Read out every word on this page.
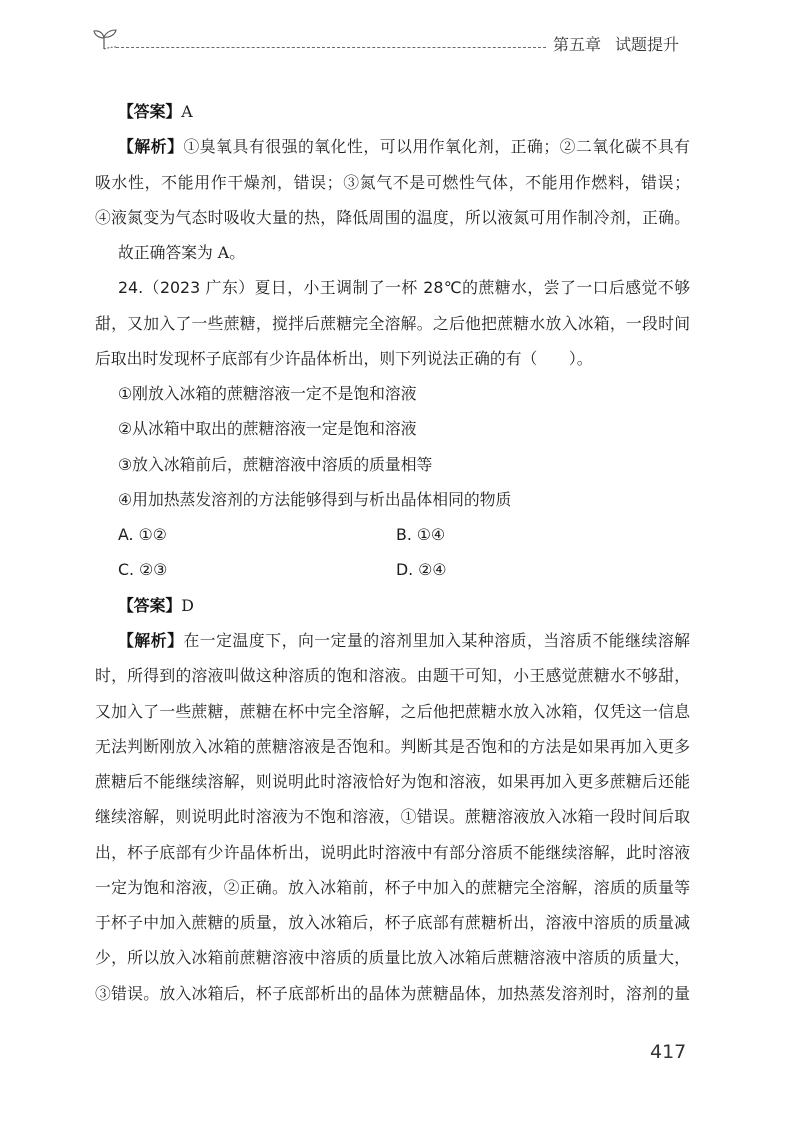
第五章 试题提升
【答案】A
【解析】①臭氧具有很强的氧化性，可以用作氧化剂，正确；②二氧化碳不具有
吸水性，不能用作干燥剂，错误；③氮气不是可燃性气体，不能用作燃料，错误；
④液氮变为气态时吸收大量的热，降低周围的温度，所以液氮可用作制冷剂，正确。
故正确答案为 A。
24.（2023 广东）夏日，小王调制了一杯 28℃的蔗糖水，尝了一口后感觉不够
甜，又加入了一些蔗糖，搅拌后蔗糖完全溶解。之后他把蔗糖水放入冰箱，一段时间
后取出时发现杯子底部有少许晶体析出，则下列说法正确的有（　　）。
①刚放入冰箱的蔗糖溶液一定不是饱和溶液
②从冰箱中取出的蔗糖溶液一定是饱和溶液
③放入冰箱前后，蔗糖溶液中溶质的质量相等
④用加热蒸发溶剂的方法能够得到与析出晶体相同的物质
A. ①②	B. ①④
C. ②③	D. ②④
【答案】D
【解析】在一定温度下，向一定量的溶剂里加入某种溶质，当溶质不能继续溶解
时，所得到的溶液叫做这种溶质的饱和溶液。由题干可知，小王感觉蔗糖水不够甜，
又加入了一些蔗糖，蔗糖在杯中完全溶解，之后他把蔗糖水放入冰箱，仅凭这一信息
无法判断刚放入冰箱的蔗糖溶液是否饱和。判断其是否饱和的方法是如果再加入更多
蔗糖后不能继续溶解，则说明此时溶液恰好为饱和溶液，如果再加入更多蔗糖后还能
继续溶解，则说明此时溶液为不饱和溶液，①错误。蔗糖溶液放入冰箱一段时间后取
出，杯子底部有少许晶体析出，说明此时溶液中有部分溶质不能继续溶解，此时溶液
一定为饱和溶液，②正确。放入冰箱前，杯子中加入的蔗糖完全溶解，溶质的质量等
于杯子中加入蔗糖的质量，放入冰箱后，杯子底部有蔗糖析出，溶液中溶质的质量减
少，所以放入冰箱前蔗糖溶液中溶质的质量比放入冰箱后蔗糖溶液中溶质的质量大，
③错误。放入冰箱后，杯子底部析出的晶体为蔗糖晶体，加热蒸发溶剂时，溶剂的量
417
